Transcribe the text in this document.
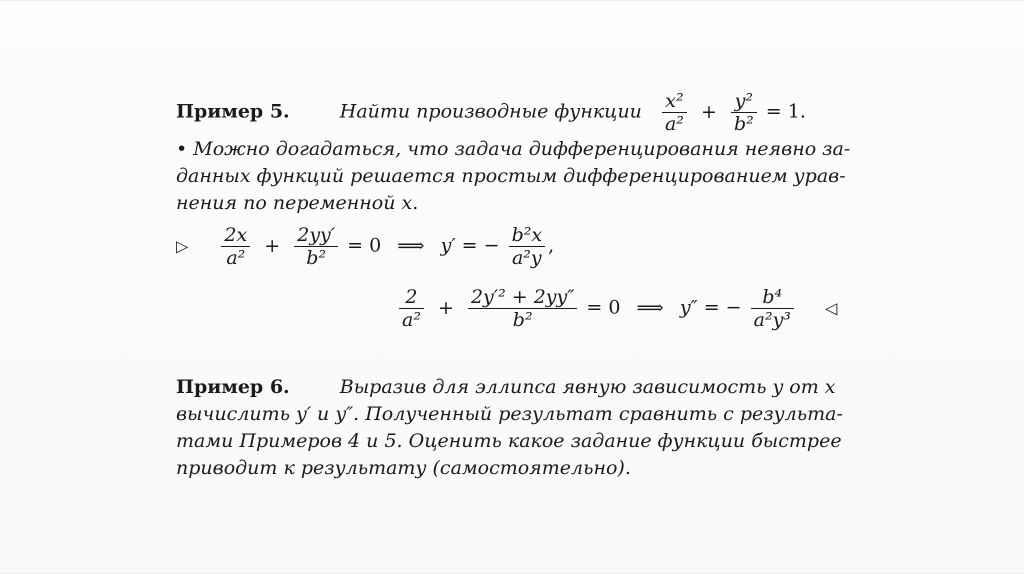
Пример 5.	Найти производные функции $\frac{\text{x²}}{\text{a²}} + \frac{\text{y²}}{\text{b²}} = 1$.
• Можно догадаться, что задача дифференцирования неявно за-
данных функций решается простым дифференцированием урав-
нения по переменной x.
▷ $\frac{2x}{\text{a²}} + \frac{2yy'}{\text{b²}} = 0$ ⟹ y′ = − $\frac{\text{b²x}}{\text{a²y}}$ ,
$\frac{2}{\text{a²}} + \frac{\text{2y′² + 2yy″}}{\text{b²}} = 0$ ⟹ y″ = − $\frac{\text{b⁴}}{\text{a²y³}}$ ◁
Пример 6.	Выразив для эллипса явную зависимость y от x
вычислить y′ и y″. Полученный результат сравнить с результа-
тами Примеров 4 и 5. Оценить какое задание функции быстрее
приводит к результату (самостоятельно).
